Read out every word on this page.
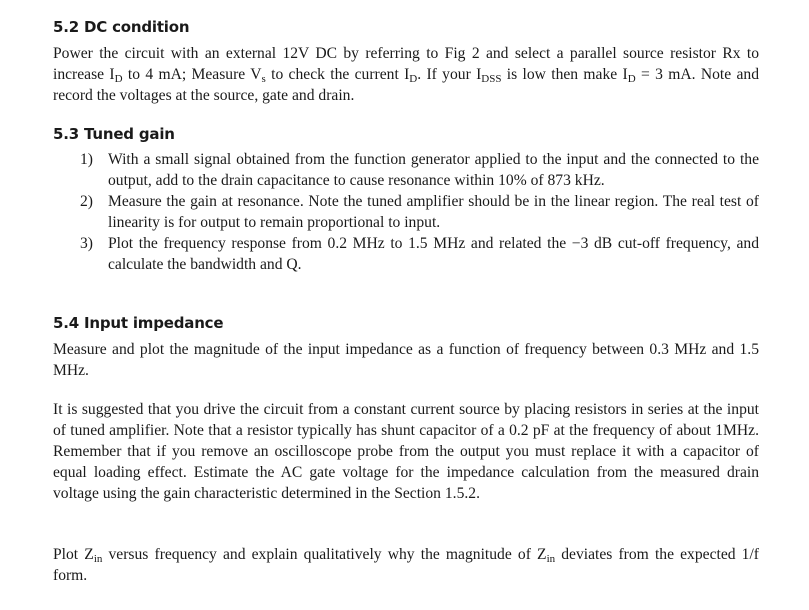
5.2 DC condition

Power the circuit with an external 12V DC by referring to Fig 2 and select a parallel source resistor Rx to increase $I_D$ to 4 mA; Measure $V_s$ to check the current $I_D$. If your $I_{DSS}$ is low then make $I_D = 3$ mA. Note and record the voltages at the source, gate and drain.

5.3 Tuned gain
1) With a small signal obtained from the function generator applied to the input and the connected to the output, add to the drain capacitance to cause resonance within 10% of 873 kHz.
2) Measure the gain at resonance. Note the tuned amplifier should be in the linear region. The real test of linearity is for output to remain proportional to input.
3) Plot the frequency response from 0.2 MHz to 1.5 MHz and related the −3 dB cut-off frequency, and calculate the bandwidth and Q.
5.4 Input impedance

Measure and plot the magnitude of the input impedance as a function of frequency between 0.3 MHz and 1.5 MHz.

It is suggested that you drive the circuit from a constant current source by placing resistors in series at the input of tuned amplifier. Note that a resistor typically has shunt capacitor of a 0.2 pF at the frequency of about 1MHz. Remember that if you remove an oscilloscope probe from the output you must replace it with a capacitor of equal loading effect. Estimate the AC gate voltage for the impedance calculation from the measured drain voltage using the gain characteristic determined in the Section 1.5.2.

Plot $Z_{in}$ versus frequency and explain qualitatively why the magnitude of $Z_{in}$ deviates from the expected 1/f form.
